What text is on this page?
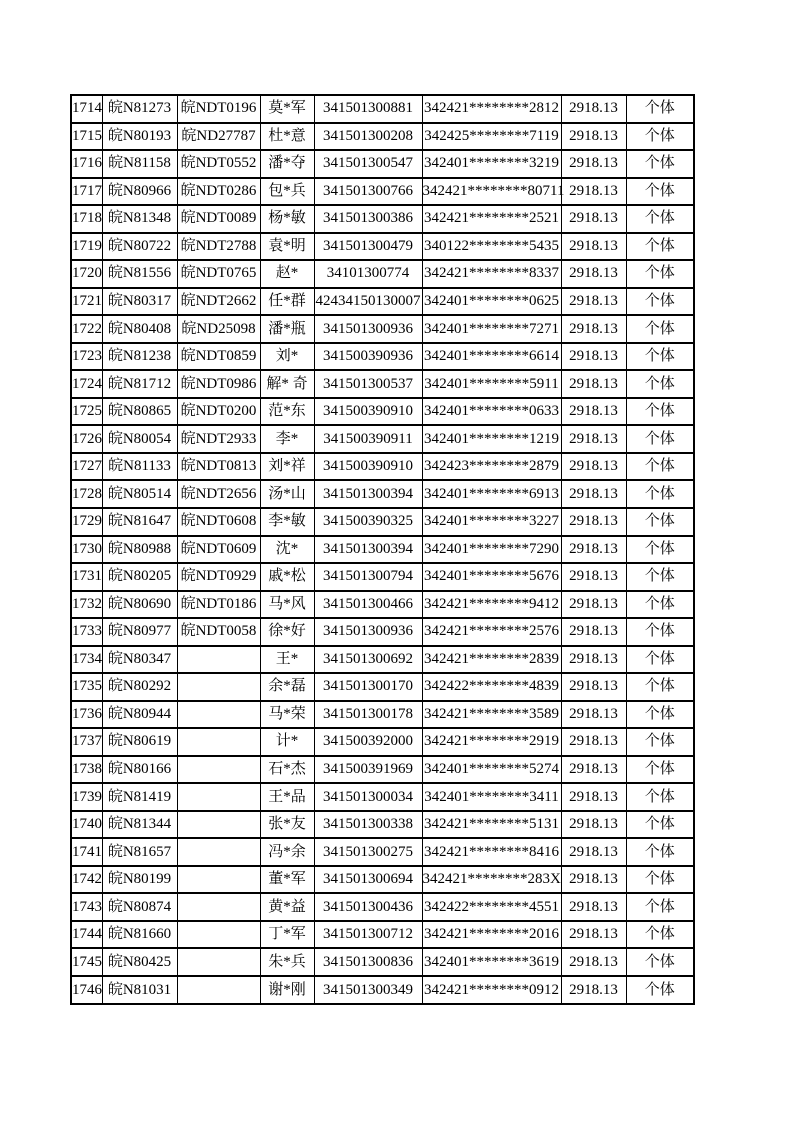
1714	皖N81273	皖NDT0196	莫*军	341501300881	342421********2812	2918.13	个体
1715	皖N80193	皖ND27787	杜*意	341501300208	342425********7119	2918.13	个体
1716	皖N81158	皖NDT0552	潘*夺	341501300547	342401********3219	2918.13	个体
1717	皖N80966	皖NDT0286	包*兵	341501300766	342421********80711	2918.13	个体
1718	皖N81348	皖NDT0089	杨*敏	341501300386	342421********2521	2918.13	个体
1719	皖N80722	皖NDT2788	袁*明	341501300479	340122********5435	2918.13	个体
1720	皖N81556	皖NDT0765	赵*	34101300774	342421********8337	2918.13	个体
1721	皖N80317	皖NDT2662	任*群	42434150130007	342401********0625	2918.13	个体
1722	皖N80408	皖ND25098	潘*瓶	341501300936	342401********7271	2918.13	个体
1723	皖N81238	皖NDT0859	刘*	341500390936	342401********6614	2918.13	个体
1724	皖N81712	皖NDT0986	解* 奇	341501300537	342401********5911	2918.13	个体
1725	皖N80865	皖NDT0200	范*东	341500390910	342401********0633	2918.13	个体
1726	皖N80054	皖NDT2933	李*	341500390911	342401********1219	2918.13	个体
1727	皖N81133	皖NDT0813	刘*祥	341500390910	342423********2879	2918.13	个体
1728	皖N80514	皖NDT2656	汤*山	341501300394	342401********6913	2918.13	个体
1729	皖N81647	皖NDT0608	李*敏	341500390325	342401********3227	2918.13	个体
1730	皖N80988	皖NDT0609	沈*	341501300394	342401********7290	2918.13	个体
1731	皖N80205	皖NDT0929	戚*松	341501300794	342401********5676	2918.13	个体
1732	皖N80690	皖NDT0186	马*风	341501300466	342421********9412	2918.13	个体
1733	皖N80977	皖NDT0058	徐*好	341501300936	342421********2576	2918.13	个体
1734	皖N80347		王*	341501300692	342421********2839	2918.13	个体
1735	皖N80292		余*磊	341501300170	342422********4839	2918.13	个体
1736	皖N80944		马*荣	341501300178	342421********3589	2918.13	个体
1737	皖N80619		计*	341500392000	342421********2919	2918.13	个体
1738	皖N80166		石*杰	341500391969	342401********5274	2918.13	个体
1739	皖N81419		王*品	341501300034	342401********3411	2918.13	个体
1740	皖N81344		张*友	341501300338	342421********5131	2918.13	个体
1741	皖N81657		冯*余	341501300275	342421********8416	2918.13	个体
1742	皖N80199		董*军	341501300694	342421********283X	2918.13	个体
1743	皖N80874		黄*益	341501300436	342422********4551	2918.13	个体
1744	皖N81660		丁*军	341501300712	342421********2016	2918.13	个体
1745	皖N80425		朱*兵	341501300836	342401********3619	2918.13	个体
1746	皖N81031		谢*刚	341501300349	342421********0912	2918.13	个体
